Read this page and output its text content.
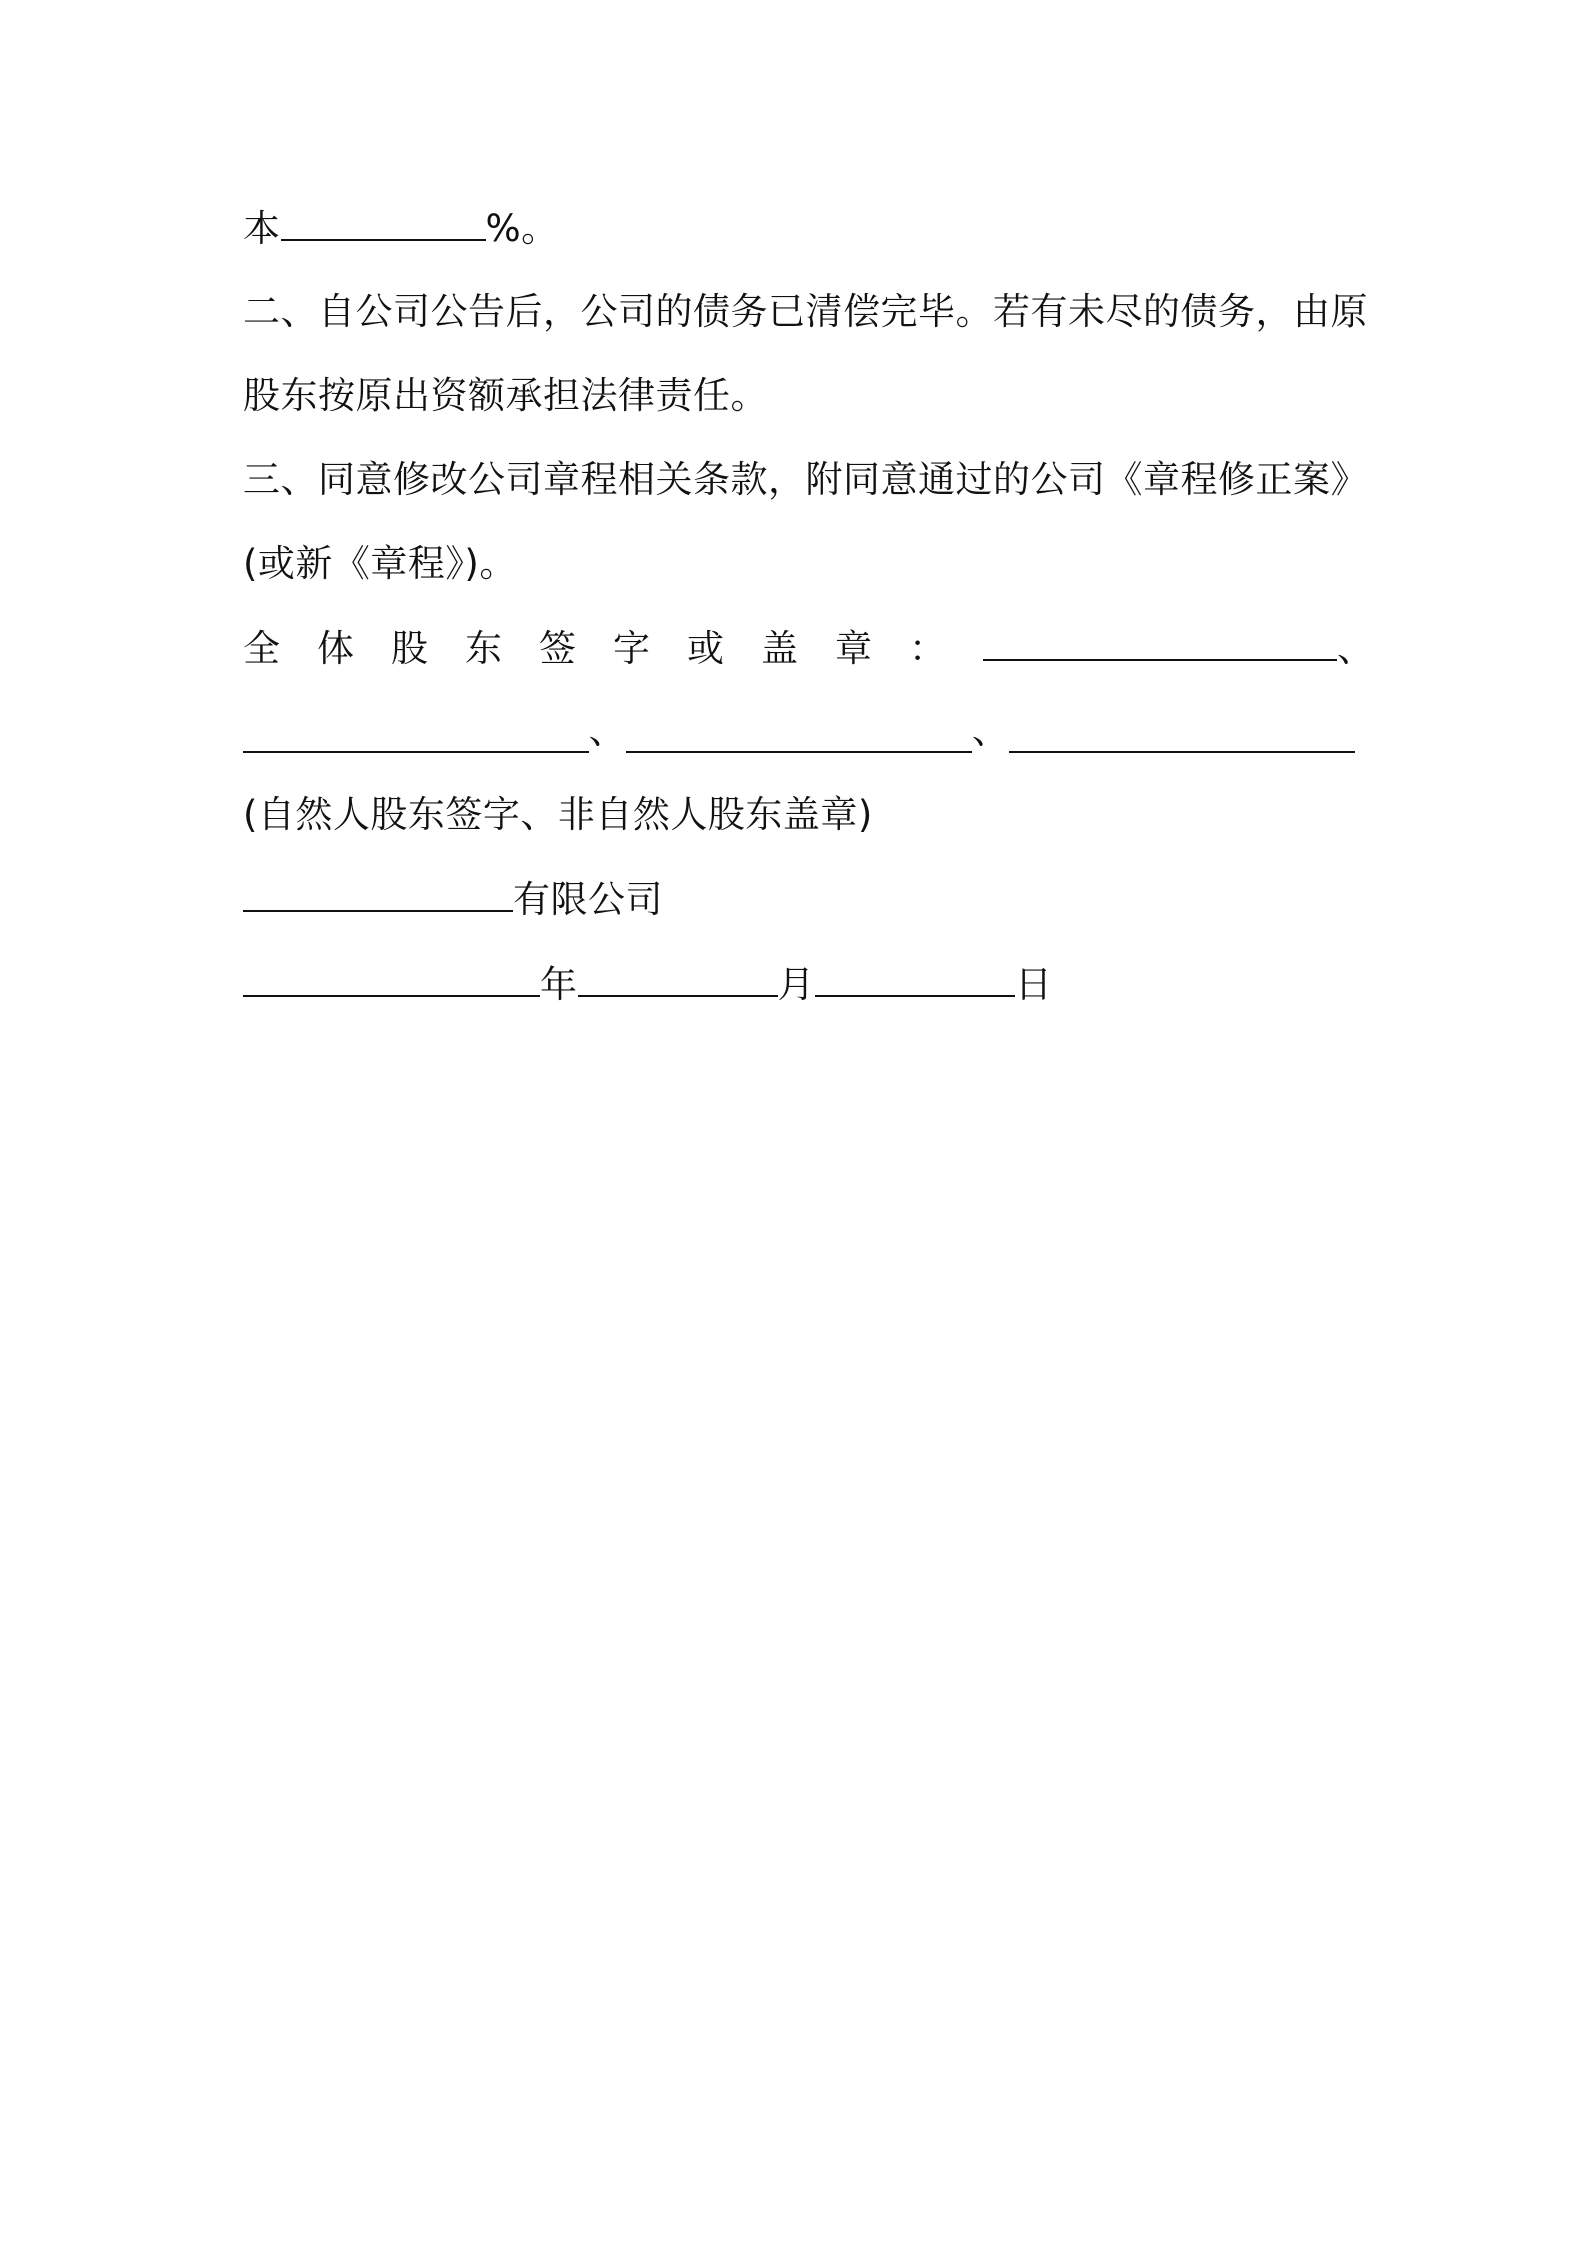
本	%。
二、自公司公告后，公司的债务已清偿完毕。若有未尽的债务，由原
股东按原出资额承担法律责任。
三、同意修改公司章程相关条款，附同意通过的公司《章程修正案》
(或新《章程》)。
全体股东签字或盖章：	、
、	、
(自然人股东签字、非自然人股东盖章)
有限公司
年	月	日
